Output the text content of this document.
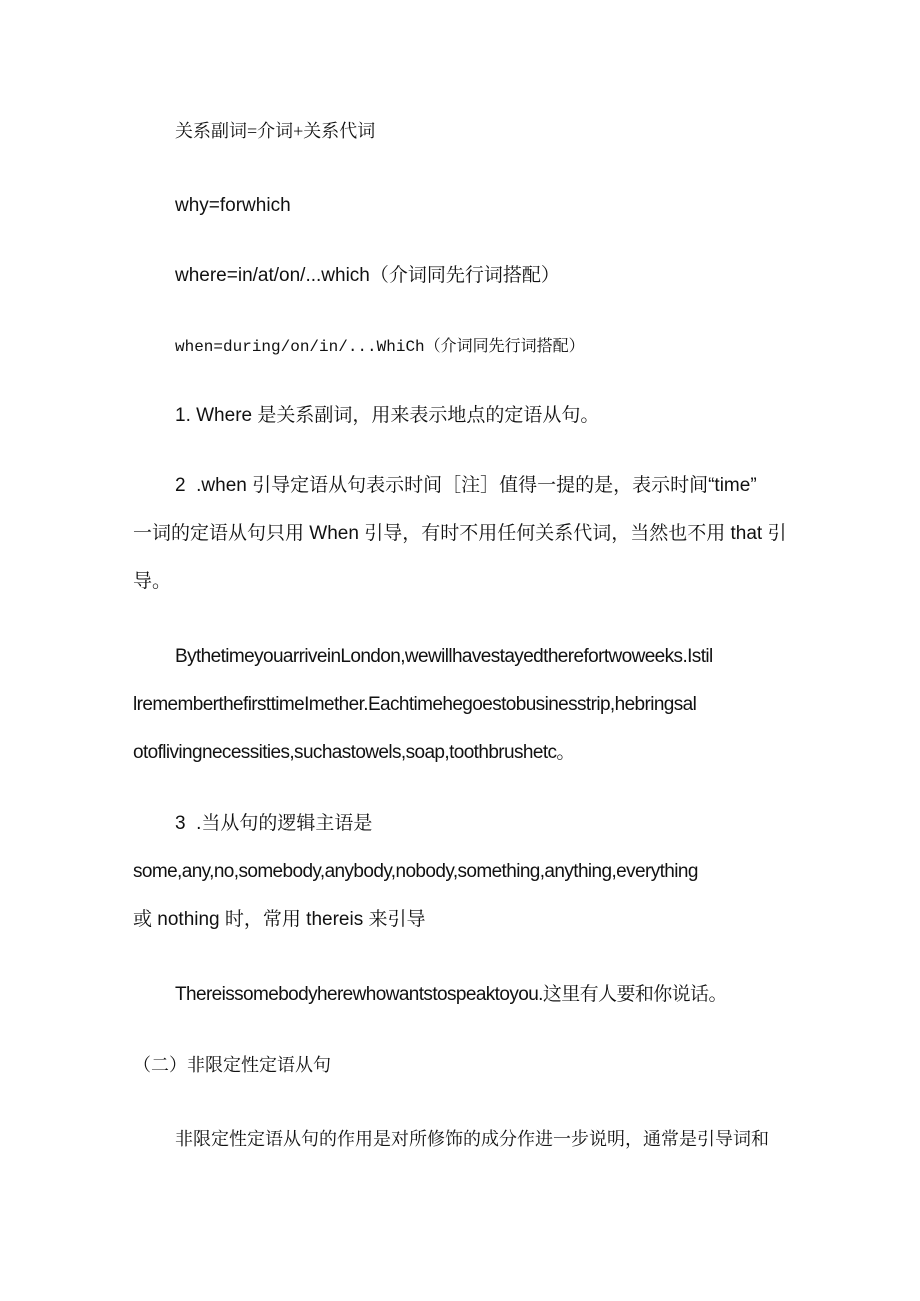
关系副词=介词+关系代词
why=forwhich
where=in/at/on/...which（介词同先行词搭配）
when=during/on/in/...WhiCh（介词同先行词搭配）
1. Where 是关系副词，用来表示地点的定语从句。
2  .when 引导定语从句表示时间［注］值得一提的是，表示时间“time”
一词的定语从句只用 When 引导，有时不用任何关系代词，当然也不用 that 引
导。
BythetimeyouarriveinLondon,wewillhavestayedtherefortwoweeks.Istil
lrememberthefirsttimeImether.Eachtimehegoestobusinesstrip,hebringsal
otoflivingnecessities,suchastowels,soap,toothbrushetc。
3  .当从句的逻辑主语是
some,any,no,somebody,anybody,nobody,something,anything,everything
或 nothing 时，常用 thereis 来引导
Thereissomebodyherewhowantstospeaktoyou.这里有人要和你说话。
（二）非限定性定语从句
非限定性定语从句的作用是对所修饰的成分作进一步说明，通常是引导词和
